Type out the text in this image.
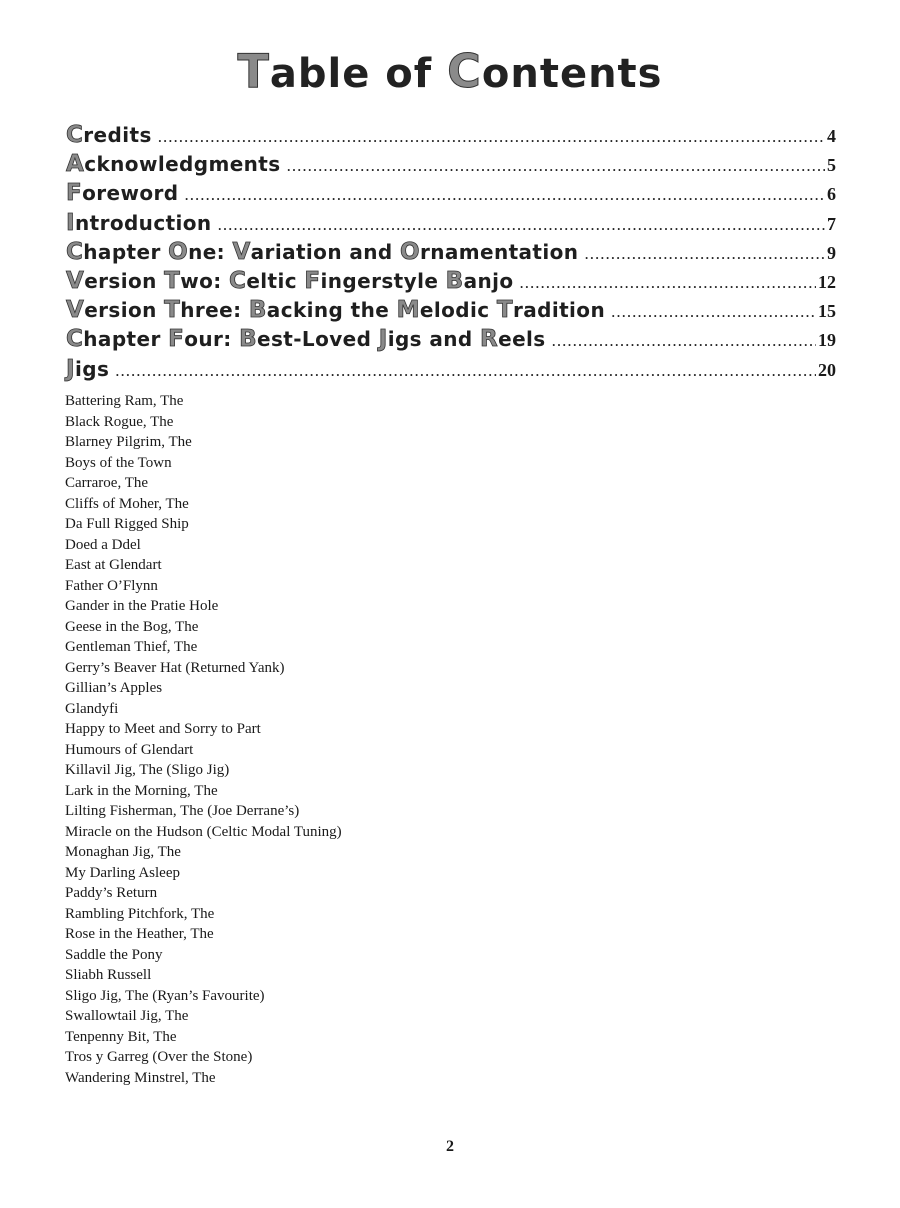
Table of Contents
Credits .....	4
Acknowledgments .....	5
Foreword .....	6
Introduction .....	7
Chapter One: Variation and Ornamentation .....	9
Version Two: Celtic Fingerstyle Banjo .....	12
Version Three: Backing the Melodic Tradition .....	15
Chapter Four: Best-Loved Jigs and Reels .....	19
Jigs .....	20
Battering Ram, The
Black Rogue, The
Blarney Pilgrim, The
Boys of the Town
Carraroe, The
Cliffs of Moher, The
Da Full Rigged Ship
Doed a Ddel
East at Glendart
Father O’Flynn
Gander in the Pratie Hole
Geese in the Bog, The
Gentleman Thief, The
Gerry’s Beaver Hat (Returned Yank)
Gillian’s Apples
Glandyfi
Happy to Meet and Sorry to Part
Humours of Glendart
Killavil Jig, The (Sligo Jig)
Lark in the Morning, The
Lilting Fisherman, The (Joe Derrane’s)
Miracle on the Hudson (Celtic Modal Tuning)
Monaghan Jig, The
My Darling Asleep
Paddy’s Return
Rambling Pitchfork, The
Rose in the Heather, The
Saddle the Pony
Sliabh Russell
Sligo Jig, The (Ryan’s Favourite)
Swallowtail Jig, The
Tenpenny Bit, The
Tros y Garreg (Over the Stone)
Wandering Minstrel, The
2
